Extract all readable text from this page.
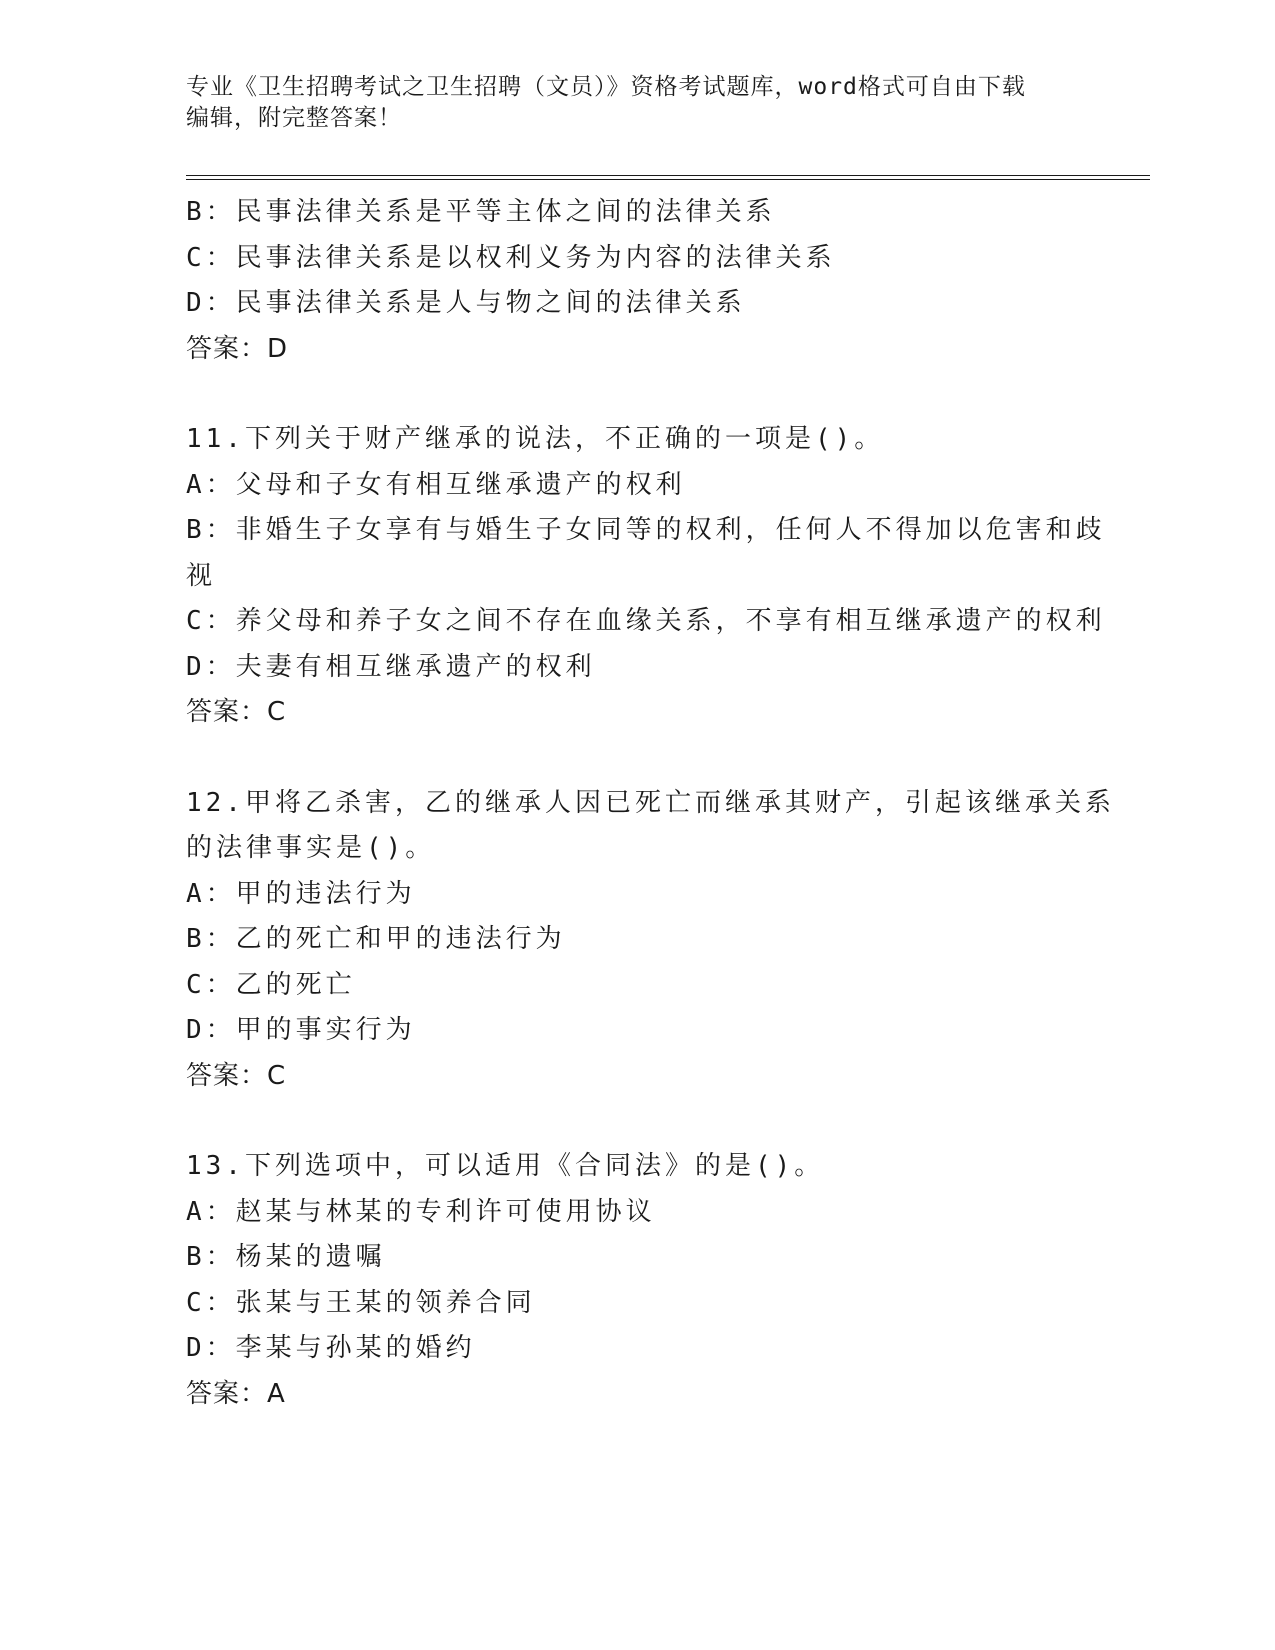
专业《卫生招聘考试之卫生招聘（文员）》资格考试题库，word格式可自由下载
编辑，附完整答案！
B：民事法律关系是平等主体之间的法律关系
C：民事法律关系是以权利义务为内容的法律关系
D：民事法律关系是人与物之间的法律关系
答案：D
11.下列关于财产继承的说法，不正确的一项是()。
A：父母和子女有相互继承遗产的权利
B：非婚生子女享有与婚生子女同等的权利，任何人不得加以危害和歧
视
C：养父母和养子女之间不存在血缘关系，不享有相互继承遗产的权利
D：夫妻有相互继承遗产的权利
答案：C
12.甲将乙杀害，乙的继承人因已死亡而继承其财产，引起该继承关系
的法律事实是()。
A：甲的违法行为
B：乙的死亡和甲的违法行为
C：乙的死亡
D：甲的事实行为
答案：C
13.下列选项中，可以适用《合同法》的是()。
A：赵某与林某的专利许可使用协议
B：杨某的遗嘱
C：张某与王某的领养合同
D：李某与孙某的婚约
答案：A
